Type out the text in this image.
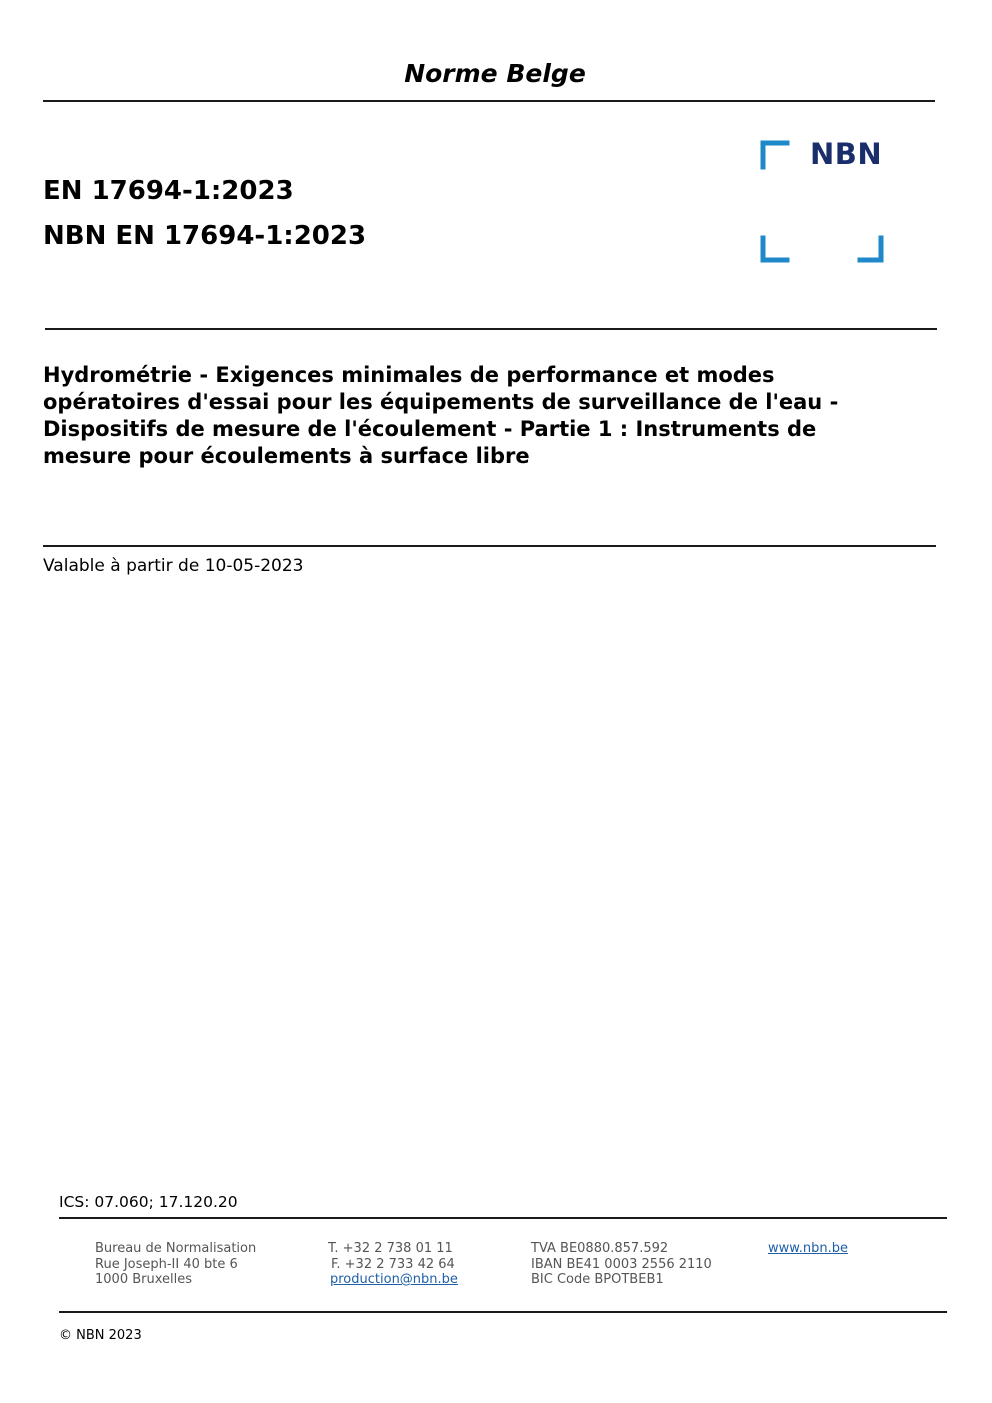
Norme Belge
EN 17694-1:2023
NBN EN 17694-1:2023
NBN
Hydrométrie - Exigences minimales de performance et modes opératoires d'essai pour les équipements de surveillance de l'eau - Dispositifs de mesure de l'écoulement - Partie 1 : Instruments de mesure pour écoulements à surface libre
Valable à partir de 10-05-2023
ICS: 07.060; 17.120.20
Bureau de Normalisation
Rue Joseph-II 40 bte 6
1000 Bruxelles
T. +32 2 738 01 11
F. +32 2 733 42 64
production@nbn.be
TVA BE0880.857.592
IBAN BE41 0003 2556 2110
BIC Code BPOTBEB1
www.nbn.be
© NBN 2023
